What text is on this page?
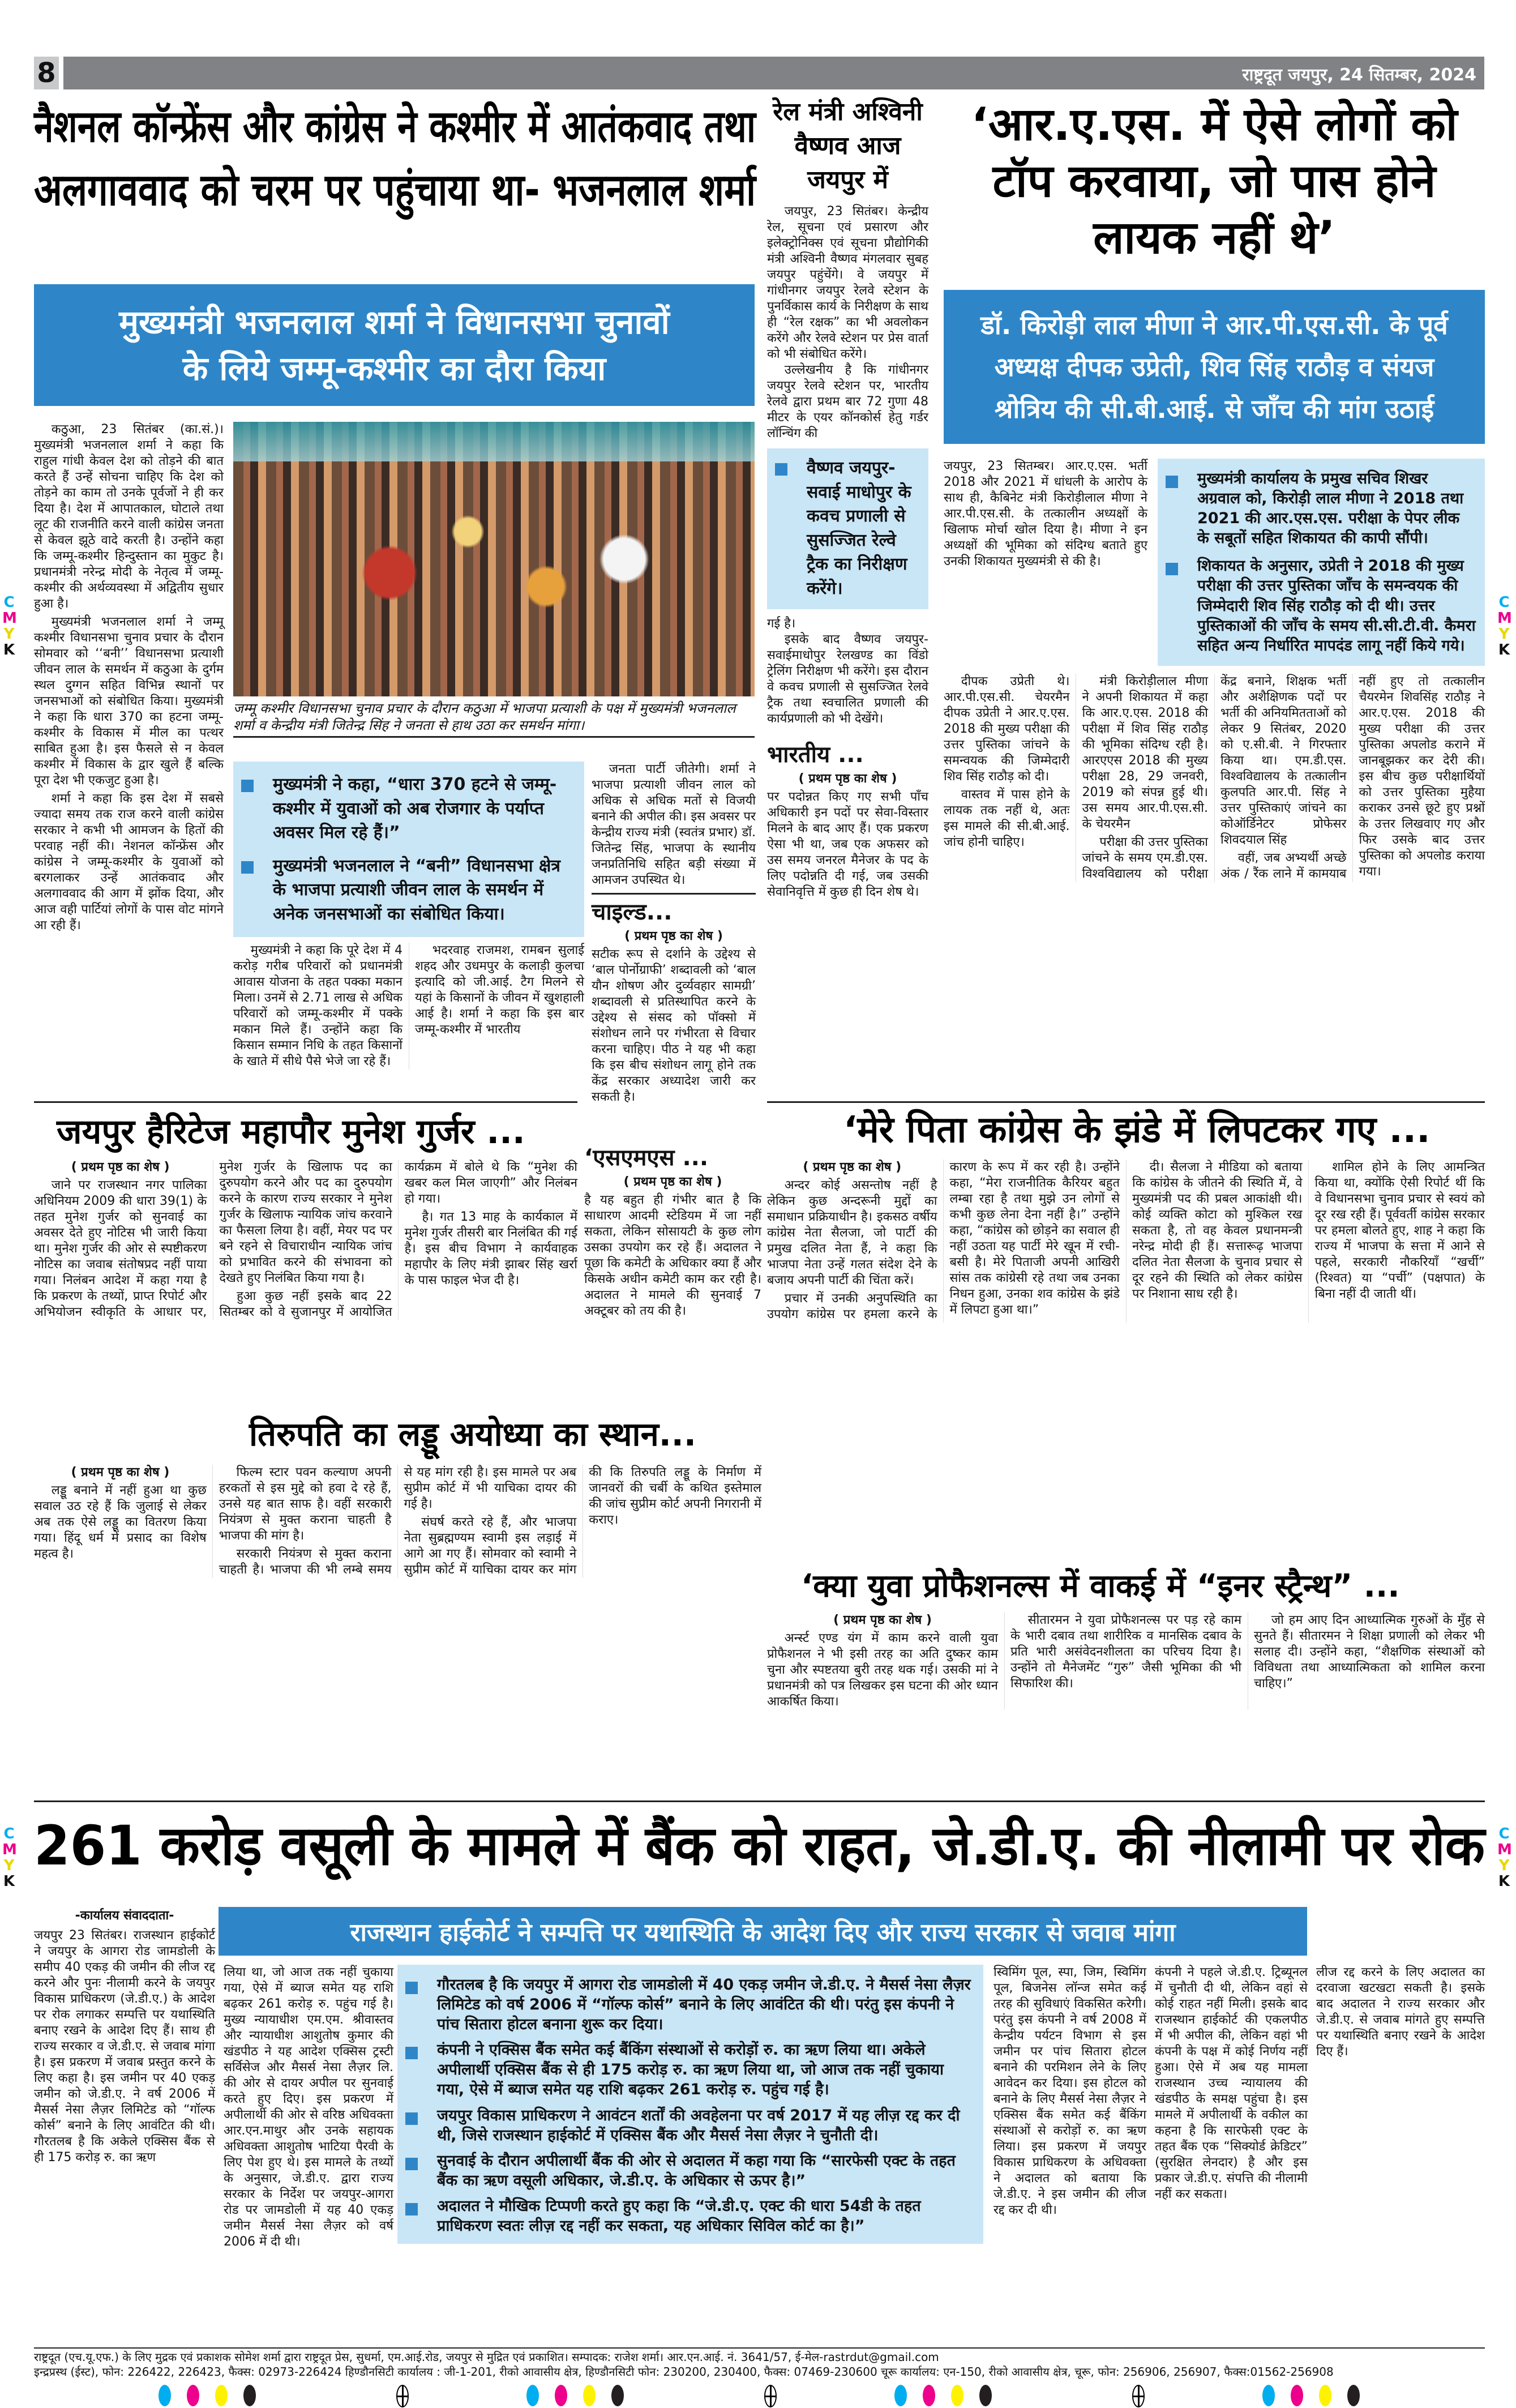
8	राष्ट्रदूत जयपुर, 24 सितम्बर, 2024
नैशनल कॉन्फ्रेंस और कांग्रेस ने कश्मीर में आतंकवाद तथा
अलगाववाद को चरम पर पहुंचाया था- भजनलाल शर्मा
मुख्यमंत्री भजनलाल शर्मा ने विधानसभा चुनावों के लिये जम्मू-कश्मीर का दौरा किया

कठुआ, 23 सितंबर (का.सं.)। मुख्यमंत्री भजनलाल शर्मा ने कहा कि राहुल गांधी केवल देश को तोड़ने की बात करते हैं उन्हें सोचना चाहिए कि देश को तोड़ने का काम तो उनके पूर्वजों ने ही कर दिया है। देश में आपातकाल, घोटाले तथा लूट की राजनीति करने वाली कांग्रेस जनता से केवल झूठे वादे करती है। उन्होंने कहा कि जम्मू-कश्मीर हिन्दुस्तान का मुकुट है। प्रधानमंत्री नरेन्द्र मोदी के नेतृत्व में जम्मू-कश्मीर की अर्थव्यवस्था में अद्वितीय सुधार हुआ है।

मुख्यमंत्री भजनलाल शर्मा ने जम्मू कश्मीर विधानसभा चुनाव प्रचार के दौरान सोमवार को ‘‘बनी’’ विधानसभा प्रत्याशी जीवन लाल के समर्थन में कठुआ के दुर्गम स्थल दुग्गन सहित विभिन्न स्थानों पर जनसभाओं को संबोधित किया। मुख्यमंत्री ने कहा कि धारा 370 का हटना जम्मू-कश्मीर के विकास में मील का पत्थर साबित हुआ है। इस फैसले से न केवल कश्मीर में विकास के द्वार खुले हैं बल्कि पूरा देश भी एकजुट हुआ है।

शर्मा ने कहा कि इस देश में सबसे ज्यादा समय तक राज करने वाली कांग्रेस सरकार ने कभी भी आमजन के हितों की परवाह नहीं की। नेशनल कॉन्फ्रेंस और कांग्रेस ने जम्मू-कश्मीर के युवाओं को बरगलाकर उन्हें आतंकवाद और अलगाववाद की आग में झोंक दिया, और आज वही पार्टियां लोगों के पास वोट मांगने आ रही हैं।

जम्मू कश्मीर विधानसभा चुनाव प्रचार के दौरान कठुआ में भाजपा प्रत्याशी के पक्ष में मुख्यमंत्री भजनलाल शर्मा व केन्द्रीय मंत्री जितेन्द्र सिंह ने जनता से हाथ उठा कर समर्थन मांगा।
मुख्यमंत्री ने कहा, “धारा 370 हटने से जम्मू-कश्मीर में युवाओं को अब रोजगार के पर्याप्त अवसर मिल रहे हैं।”
मुख्यमंत्री भजनलाल ने “बनी” विधानसभा क्षेत्र के भाजपा प्रत्याशी जीवन लाल के समर्थन में अनेक जनसभाओं का संबोधित किया।

मुख्यमंत्री ने कहा कि पूरे देश में 4 करोड़ गरीब परिवारों को प्रधानमंत्री आवास योजना के तहत पक्का मकान मिला। उनमें से 2.71 लाख से अधिक परिवारों को जम्मू-कश्मीर में पक्के मकान मिले हैं। उन्होंने कहा कि किसान सम्मान निधि के तहत किसानों के खाते में सीधे पैसे भेजे जा रहे हैं।

भदरवाह राजमश, रामबन सुलाई शहद और उधमपुर के कलाड़ी कुलचा इत्यादि को जी.आई. टैग मिलने से यहां के किसानों के जीवन में खुशहाली आई है। शर्मा ने कहा कि इस बार जम्मू-कश्मीर में भारतीय

जनता पार्टी जीतेगी। शर्मा ने भाजपा प्रत्याशी जीवन लाल को अधिक से अधिक मतों से विजयी बनाने की अपील की। इस अवसर पर केन्द्रीय राज्य मंत्री (स्वतंत्र प्रभार) डॉ. जितेन्द्र सिंह, भाजपा के स्थानीय जनप्रतिनिधि सहित बड़ी संख्या में आमजन उपस्थित थे।

चाइल्ड...
( प्रथम पृष्ठ का शेष )
सटीक रूप से दर्शाने के उद्देश्य से ‘बाल पोर्नोग्राफी’ शब्दावली को ‘बाल यौन शोषण और दुर्व्यवहार सामग्री’ शब्दावली से प्रतिस्थापित करने के उद्देश्य से संसद को पॉक्सो में संशोधन लाने पर गंभीरता से विचार करना चाहिए। पीठ ने यह भी कहा कि इस बीच संशोधन लागू होने तक केंद्र सरकार अध्यादेश जारी कर सकती है।
रेल मंत्री अश्विनी वैष्णव आज जयपुर में

जयपुर, 23 सितंबर। केन्द्रीय रेल, सूचना एवं प्रसारण और इलेक्ट्रोनिक्स एवं सूचना प्रौद्योगिकी मंत्री अश्विनी वैष्णव मंगलवार सुबह जयपुर पहुंचेंगे। वे जयपुर में गांधीनगर जयपुर रेलवे स्टेशन के पुनर्विकास कार्य के निरीक्षण के साथ ही “रेल रक्षक” का भी अवलोकन करेंगे और रेलवे स्टेशन पर प्रेस वार्ता को भी संबोधित करेंगे।

उल्लेखनीय है कि गांधीनगर जयपुर रेलवे स्टेशन पर, भारतीय रेलवे द्वारा प्रथम बार 72 गुणा 48 मीटर के एयर कॉनकोर्स हेतु गर्डर लॉन्चिंग की

वैष्णव जयपुर-सवाई माधोपुर के कवच प्रणाली से सुसज्जित रेल्वे ट्रैक का निरीक्षण करेंगे।

गई है।

इसके बाद वैष्णव जयपुर-सवाईमाधोपुर रेलखण्ड का विंडो ट्रेलिंग निरीक्षण भी करेंगे। इस दौरान वे कवच प्रणाली से सुसज्जित रेलवे ट्रैक तथा स्वचालित प्रणाली की कार्यप्रणाली को भी देखेंगे।

भारतीय ...
( प्रथम पृष्ठ का शेष )
पर पदोन्नत किए गए सभी पाँच अधिकारी इन पदों पर सेवा-विस्तार मिलने के बाद आए हैं। एक प्रकरण ऐसा भी था, जब एक अफसर को उस समय जनरल मैनेजर के पद के लिए पदोन्नति दी गई, जब उसकी सेवानिवृत्ति में कुछ ही दिन शेष थे।
‘आर.ए.एस. में ऐसे लोगों को टॉप करवाया, जो पास होने लायक नहीं थे’
डॉ. किरोड़ी लाल मीणा ने आर.पी.एस.सी. के पूर्व अध्यक्ष दीपक उप्रेती, शिव सिंह राठौड़ व संयज श्रोत्रिय की सी.बी.आई. से जाँच की मांग उठाई

जयपुर, 23 सितम्बर। आर.ए.एस. भर्ती 2018 और 2021 में धांधली के आरोप के साथ ही, कैबिनेट मंत्री किरोड़ीलाल मीणा ने आर.पी.एस.सी. के तत्कालीन अध्यक्षों के खिलाफ मोर्चा खोल दिया है। मीणा ने इन अध्यक्षों की भूमिका को संदिग्ध बताते हुए उनकी शिकायत मुख्यमंत्री से की है।

मुख्यमंत्री कार्यालय के प्रमुख सचिव शिखर अग्रवाल को, किरोड़ी लाल मीणा ने 2018 तथा 2021 की आर.एस.एस. परीक्षा के पेपर लीक के सबूतों सहित शिकायत की कापी सौंपी।
शिकायत के अनुसार, उप्रेती ने 2018 की मुख्य परीक्षा की उत्तर पुस्तिका जाँच के समन्वयक की जिम्मेदारी शिव सिंह राठौड़ को दी थी। उत्तर पुस्तिकाओं की जाँच के समय सी.सी.टी.वी. कैमरा सहित अन्य निर्धारित मापदंड लागू नहीं किये गये।

दीपक उप्रेती थे। आर.पी.एस.सी. चेयरमैन दीपक उप्रेती ने आर.ए.एस. 2018 की मुख्य परीक्षा की उत्तर पुस्तिका जांचने के समन्वयक की जिम्मेदारी शिव सिंह राठौड़ को दी।

वास्तव में पास होने के लायक तक नहीं थे, अतः इस मामले की सी.बी.आई. जांच होनी चाहिए।

मंत्री किरोड़ीलाल मीणा ने अपनी शिकायत में कहा कि आर.ए.एस. 2018 की परीक्षा में शिव सिंह राठौड़ की भूमिका संदिग्ध रही है। आरएएस 2018 की मुख्य परीक्षा 28, 29 जनवरी, 2019 को संपन्न हुई थी। उस समय आर.पी.एस.सी. के चेयरमैन

परीक्षा की उत्तर पुस्तिका जांचने के समय एम.डी.एस. विश्वविद्यालय को परीक्षा केंद्र बनाने, शिक्षक भर्ती और अशैक्षिणक पदों पर भर्ती की अनियमितताओं को लेकर 9 सितंबर, 2020 को ए.सी.बी. ने गिरफ्तार किया था। एम.डी.एस. विश्वविद्यालय के तत्कालीन कुलपति आर.पी. सिंह ने उत्तर पुस्तिकाएं जांचने का कोऑर्डिनेटर प्रोफेसर शिवदयाल सिंह

वहीं, जब अभ्यर्थी अच्छे अंक / रैंक लाने में कामयाब नहीं हुए तो तत्कालीन चैयरमेन शिवसिंह राठौड़ ने आर.ए.एस. 2018 की मुख्य परीक्षा की उत्तर पुस्तिका अपलोड कराने में जानबूझकर कर देरी की। इस बीच कुछ परीक्षार्थियों को उत्तर पुस्तिका मुहैया कराकर उनसे छूटे हुए प्रश्नों के उत्तर लिखवाए गए और फिर उसके बाद उत्तर पुस्तिका को अपलोड कराया गया।

जयपुर हैरिटेज महापौर मुनेश गुर्जर ...

( प्रथम पृष्ठ का शेष )

जाने पर राजस्थान नगर पालिका अधिनियम 2009 की धारा 39(1) के तहत मुनेश गुर्जर को सुनवाई का अवसर देते हुए नोटिस भी जारी किया था। मुनेश गुर्जर की ओर से स्पष्टीकरण नोटिस का जवाब संतोषप्रद नहीं पाया गया। निलंबन आदेश में कहा गया है कि प्रकरण के तथ्यों, प्राप्त रिपोर्ट और अभियोजन स्वीकृति के आधार पर, मुनेश गुर्जर के खिलाफ पद का दुरुपयोग करने और पद का दुरुपयोग करने के कारण राज्य सरकार ने मुनेश गुर्जर के खिलाफ न्यायिक जांच करवाने का फैसला लिया है। वहीं, मेयर पद पर बने रहने से विचाराधीन न्यायिक जांच को प्रभावित करने की संभावना को देखते हुए निलंबित किया गया है।

हुआ कुछ नहीं इसके बाद 22 सितम्बर को वे सुजानपुर में आयोजित कार्यक्रम में बोले थे कि “मुनेश की खबर कल मिल जाएगी” और निलंबन हो गया।

है। गत 13 माह के कार्यकाल में मुनेश गुर्जर तीसरी बार निलंबित की गई है। इस बीच विभाग ने कार्यवाहक महापौर के लिए मंत्री झाबर सिंह खर्रा के पास फाइल भेज दी है।

‘एसएमएस ...
( प्रथम पृष्ठ का शेष )
है यह बहुत ही गंभीर बात है कि साधारण आदमी स्टेडियम में जा नहीं सकता, लेकिन सोसायटी के कुछ लोग उसका उपयोग कर रहे हैं। अदालत ने पूछा कि कमेटी के अधिकार क्या हैं और किसके अधीन कमेटी काम कर रही है। अदालत ने मामले की सुनवाई 7 अक्टूबर को तय की है।
तिरुपति का लड्डू अयोध्या का स्थान...

( प्रथम पृष्ठ का शेष )

लड्डू बनाने में नहीं हुआ था कुछ सवाल उठ रहे हैं कि जुलाई से लेकर अब तक ऐसे लड्डू का वितरण किया गया। हिंदू धर्म में प्रसाद का विशेष महत्व है।

फिल्म स्टार पवन कल्याण अपनी हरकतों से इस मुद्दे को हवा दे रहे हैं, उनसे यह बात साफ है। वहीं सरकारी नियंत्रण से मुक्त कराना चाहती है भाजपा की मांग है।

सरकारी नियंत्रण से मुक्त कराना चाहती है। भाजपा की भी लम्बे समय से यह मांग रही है। इस मामले पर अब सुप्रीम कोर्ट में भी याचिका दायर की गई है।

संघर्ष करते रहे हैं, और भाजपा नेता सुब्रह्मण्यम स्वामी इस लड़ाई में आगे आ गए हैं। सोमवार को स्वामी ने सुप्रीम कोर्ट में याचिका दायर कर मांग की कि तिरुपति लड्डू के निर्माण में जानवरों की चर्बी के कथित इस्तेमाल की जांच सुप्रीम कोर्ट अपनी निगरानी में कराए।

‘मेरे पिता कांग्रेस के झंडे में लिपटकर गए ...

( प्रथम पृष्ठ का शेष )

अन्दर कोई असन्तोष नहीं है लेकिन कुछ अन्दरूनी मुद्दों का समाधान प्रक्रियाधीन है। इकसठ वर्षीय कांग्रेस नेता सैलजा, जो पार्टी की प्रमुख दलित नेता हैं, ने कहा कि भाजपा नेता उन्हें गलत संदेश देने के बजाय अपनी पार्टी की चिंता करें।

प्रचार में उनकी अनुपस्थिति का उपयोग कांग्रेस पर हमला करने के कारण के रूप में कर रही है। उन्होंने कहा, “मेरा राजनीतिक कैरियर बहुत लम्बा रहा है तथा मुझे उन लोगों से कभी कुछ लेना देना नहीं है।” उन्होंने कहा, “कांग्रेस को छोड़ने का सवाल ही नहीं उठता यह पार्टी मेरे खून में रची-बसी है। मेरे पिताजी अपनी आखिरी सांस तक कांग्रेसी रहे तथा जब उनका निधन हुआ, उनका शव कांग्रेस के झंडे में लिपटा हुआ था।”

दी। सैलजा ने मीडिया को बताया कि कांग्रेस के जीतने की स्थिति में, वे मुख्यमंत्री पद की प्रबल आकांक्षी थी। कोई व्यक्ति कोटा को मुश्किल रख सकता है, तो वह केवल प्रधानमन्त्री नरेन्द्र मोदी ही हैं। सत्तारूढ़ भाजपा दलित नेता सैलजा के चुनाव प्रचार से दूर रहने की स्थिति को लेकर कांग्रेस पर निशाना साध रही है।

शामिल होने के लिए आमन्त्रित किया था, क्योंकि ऐसी रिपोर्ट थीं कि वे विधानसभा चुनाव प्रचार से स्वयं को दूर रख रही हैं। पूर्ववर्ती कांग्रेस सरकार पर हमला बोलते हुए, शाह ने कहा कि राज्य में भाजपा के सत्ता में आने से पहले, सरकारी नौकरियाँ “खर्ची” (रिश्वत) या “पर्ची” (पक्षपात) के बिना नहीं दी जाती थीं।

‘क्या युवा प्रोफैशनल्स में वाकई में “इनर स्ट्रैन्थ” ...

( प्रथम पृष्ठ का शेष )

अर्न्स्ट एण्ड यंग में काम करने वाली युवा प्रोफैशनल ने भी इसी तरह का अति दुष्कर काम चुना और स्पष्टतया बुरी तरह थक गई। उसकी मां ने प्रधानमंत्री को पत्र लिखकर इस घटना की ओर ध्यान आकर्षित किया।

सीतारमन ने युवा प्रोफैशनल्स पर पड़ रहे काम के भारी दबाव तथा शारीरिक व मानसिक दबाव के प्रति भारी असंवेदनशीलता का परिचय दिया है। उन्होंने तो मैनेजमेंट “गुरु” जैसी भूमिका की भी सिफारिश की।

जो हम आए दिन आध्यात्मिक गुरुओं के मुँह से सुनते हैं। सीतारमन ने शिक्षा प्रणाली को लेकर भी सलाह दी। उन्होंने कहा, “शैक्षणिक संस्थाओं को विविधता तथा आध्यात्मिकता को शामिल करना चाहिए।”

261 करोड़ वसूली के मामले में बैंक को राहत, जे.डी.ए. की नीलामी पर रोक
-कार्यालय संवाददाता-
राजस्थान हाईकोर्ट ने सम्पत्ति पर यथास्थिति के आदेश दिए और राज्य सरकार से जवाब मांगा
जयपुर 23 सितंबर। राजस्थान हाईकोर्ट ने जयपुर के आगरा रोड जामडोली के समीप 40 एकड़ की जमीन की लीज रद्द करने और पुनः नीलामी करने के जयपुर विकास प्राधिकरण (जे.डी.ए.) के आदेश पर रोक लगाकर सम्पत्ति पर यथास्थिति बनाए रखने के आदेश दिए हैं। साथ ही राज्य सरकार व जे.डी.ए. से जवाब मांगा है। इस प्रकरण में जवाब प्रस्तुत करने के लिए कहा है। इस जमीन पर 40 एकड़ जमीन को जे.डी.ए. ने वर्ष 2006 में मैसर्स नेसा लैज़र लिमिटेड को “गॉल्फ कोर्स” बनाने के लिए आवंटित की थी। गौरतलब है कि अकेले एक्सिस बैंक से ही 175 करोड़ रु. का ऋण
लिया था, जो आज तक नहीं चुकाया गया, ऐसे में ब्याज समेत यह राशि बढ़कर 261 करोड़ रु. पहुंच गई है। मुख्य न्यायाधीश एम.एम. श्रीवास्तव और न्यायाधीश आशुतोष कुमार की खंडपीठ ने यह आदेश एक्सिस ट्रस्टी सर्विसेज और मैसर्स नेसा लैज़र लि. की ओर से दायर अपील पर सुनवाई करते हुए दिए। इस प्रकरण में अपीलार्थी की ओर से वरिष्ठ अधिवक्ता आर.एन.माथुर और उनके सहायक अधिवक्ता आशुतोष भाटिया पैरवी के लिए पेश हुए थे। इस मामले के तथ्यों के अनुसार, जे.डी.ए. द्वारा राज्य सरकार के निर्देश पर जयपुर-आगरा रोड पर जामडोली में यह 40 एकड़ जमीन मैसर्स नेसा लैज़र को वर्ष 2006 में दी थी।
गौरतलब है कि जयपुर में आगरा रोड जामडोली में 40 एकड़ जमीन जे.डी.ए. ने मैसर्स नेसा लैज़र लिमिटेड को वर्ष 2006 में “गॉल्फ कोर्स” बनाने के लिए आवंटित की थी। परंतु इस कंपनी ने पांच सितारा होटल बनाना शुरू कर दिया।
कंपनी ने एक्सिस बैंक समेत कई बैंकिंग संस्थाओं से करोड़ों रु. का ऋण लिया था। अकेले अपीलार्थी एक्सिस बैंक से ही 175 करोड़ रु. का ऋण लिया था, जो आज तक नहीं चुकाया गया, ऐसे में ब्याज समेत यह राशि बढ़कर 261 करोड़ रु. पहुंच गई है।
जयपुर विकास प्राधिकरण ने आवंटन शर्तों की अवहेलना पर वर्ष 2017 में यह लीज़ रद्द कर दी थी, जिसे राजस्थान हाईकोर्ट में एक्सिस बैंक और मैसर्स नेसा लैज़र ने चुनौती दी।
सुनवाई के दौरान अपीलार्थी बैंक की ओर से अदालत में कहा गया कि “सारफेसी एक्ट के तहत बैंक का ऋण वसूली अधिकार, जे.डी.ए. के अधिकार से ऊपर है।”
अदालत ने मौखिक टिप्पणी करते हुए कहा कि “जे.डी.ए. एक्ट की धारा 54डी के तहत प्राधिकरण स्वतः लीज़ रद्द नहीं कर सकता, यह अधिकार सिविल कोर्ट का है।”
स्विमिंग पूल, स्पा, जिम, स्विमिंग पूल, बिजनेस लॉन्ज समेत कई तरह की सुविधाएं विकसित करेगी। परंतु इस कंपनी ने वर्ष 2008 में केन्द्रीय पर्यटन विभाग से इस जमीन पर पांच सितारा होटल बनाने की परमिशन लेने के लिए आवेदन कर दिया। इस होटल को बनाने के लिए मैसर्स नेसा लैज़र ने एक्सिस बैंक समेत कई बैंकिंग संस्थाओं से करोड़ों रु. का ऋण लिया। इस प्रकरण में जयपुर विकास प्राधिकरण के अधिवक्ता ने अदालत को बताया कि जे.डी.ए. ने इस जमीन की लीज रद्द कर दी थी।
कंपनी ने पहले जे.डी.ए. ट्रिब्यूनल में चुनौती दी थी, लेकिन वहां से कोई राहत नहीं मिली। इसके बाद राजस्थान हाईकोर्ट की एकलपीठ में भी अपील की, लेकिन वहां भी कंपनी के पक्ष में कोई निर्णय नहीं हुआ। ऐसे में अब यह मामला राजस्थान उच्च न्यायालय की खंडपीठ के समक्ष पहुंचा है। इस मामले में अपीलार्थी के वकील का कहना है कि सारफेसी एक्ट के तहत बैंक एक “सिक्योर्ड क्रेडिटर” (सुरक्षित लेनदार) है और इस प्रकार जे.डी.ए. संपत्ति की नीलामी नहीं कर सकता।
लीज रद्द करने के लिए अदालत का दरवाजा खटखटा सकती है। इसके बाद अदालत ने राज्य सरकार और जे.डी.ए. से जवाब मांगते हुए सम्पत्ति पर यथास्थिति बनाए रखने के आदेश दिए हैं।
राष्ट्रदूत (एच.यू.एफ.) के लिए मुद्रक एवं प्रकाशक सोमेश शर्मा द्वारा राष्ट्रदूत प्रेस, सुधर्मा, एम.आई.रोड, जयपुर से मुद्रित एवं प्रकाशित। सम्पादक: राजेश शर्मा। आर.एन.आई. नं. 3641/57, ई-मेल-rastrdut@gmail.com
इन्द्रप्रस्थ (ईस्ट), फोन: 226422, 226423, फैक्स: 02973-226424 हिण्डौनसिटी कार्यालय : जी-1-201, रीको आवासीय क्षेत्र, हिण्डौनसिटी फोन: 230200, 230400, फैक्स: 07469-230600 चूरू कार्यालय: एन-150, रीको आवासीय क्षेत्र, चूरू, फोन: 256906, 256907, फैक्स:01562-256908
C
M
Y
K
C
M
Y
K
C
M
Y
K
C
M
Y
K
